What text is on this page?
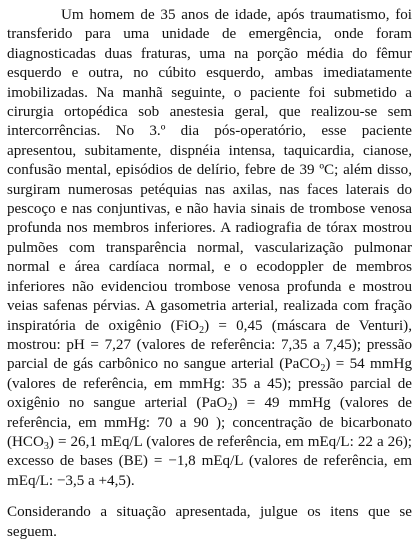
Um homem de 35 anos de idade, após traumatismo, foi transferido para uma unidade de emergência, onde foram diagnosticadas duas fraturas, uma na porção média do fêmur esquerdo e outra, no cúbito esquerdo, ambas imediatamente imobilizadas. Na manhã seguinte, o paciente foi submetido a cirurgia ortopédica sob anestesia geral, que realizou-se sem intercorrências. No 3.º dia pós-operatório, esse paciente apresentou, subitamente, dispnéia intensa, taquicardia, cianose, confusão mental, episódios de delírio, febre de 39 ºC; além disso, surgiram numerosas petéquias nas axilas, nas faces laterais do pescoço e nas conjuntivas, e não havia sinais de trombose venosa profunda nos membros inferiores. A radiografia de tórax mostrou pulmões com transparência normal, vascularização pulmonar normal e área cardíaca normal, e o ecodoppler de membros inferiores não evidenciou trombose venosa profunda e mostrou veias safenas pérvias. A gasometria arterial, realizada com fração inspiratória de oxigênio (FiO$_2$) = 0,45 (máscara de Venturi), mostrou: pH = 7,27 (valores de referência: 7,35 a 7,45); pressão parcial de gás carbônico no sangue arterial (PaCO$_2$) = 54 mmHg (valores de referência, em mmHg: 35 a 45); pressão parcial de oxigênio no sangue arterial (PaO$_2$) = 49 mmHg (valores de referência, em mmHg: 70 a 90 ); concentração de bicarbonato $(HCO_3) = 26,1$ mEq/L (valores de referência, em mEq/L: 22 a 26); excesso de bases (BE) = −1,8 mEq/L (valores de referência, em mEq/L: −3,5 a +4,5).

Considerando a situação apresentada, julgue os itens que se seguem.
